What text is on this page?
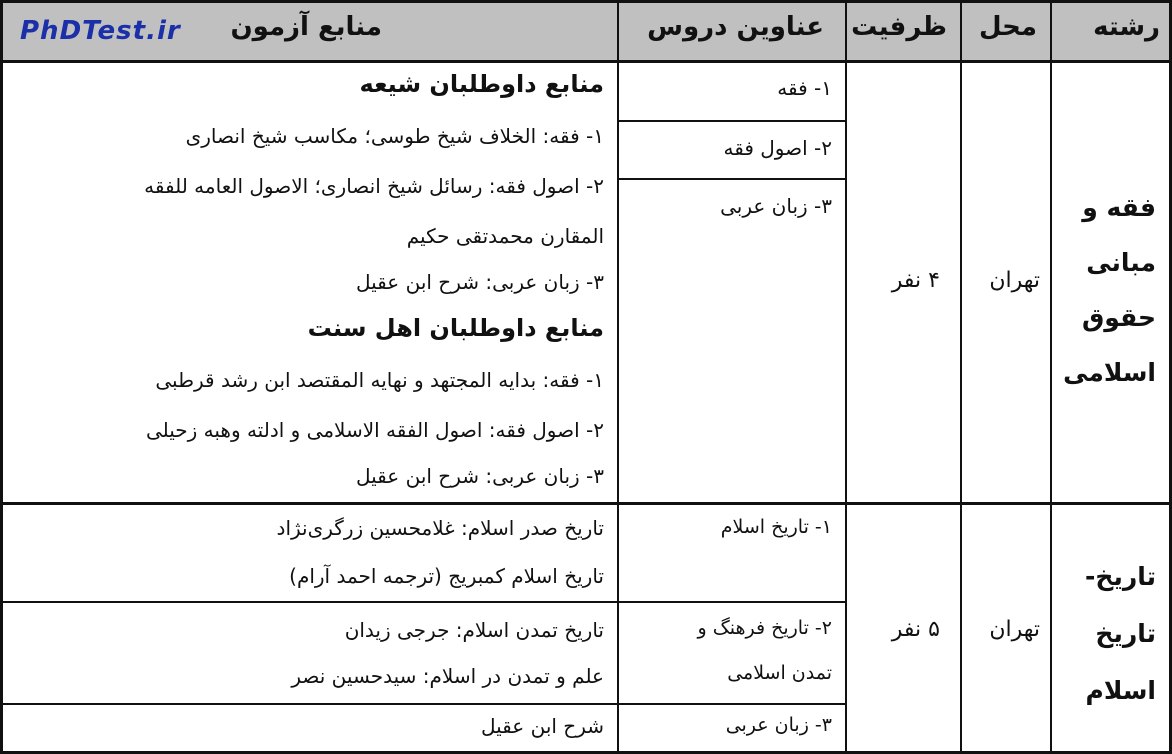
رشته
محل
ظرفیت
عناوین دروس
منابع آزمون
PhDTest.ir
فقه و
مبانی
حقوق
اسلامی
تهران
۴ نفر
۱- فقه
۲- اصول فقه
۳- زبان عربی
منابع داوطلبان شیعه
۱- فقه: الخلاف شیخ طوسی؛ مکاسب شیخ انصاری
۲- اصول فقه: رسائل شیخ انصاری؛ الاصول العامه للفقه
المقارن محمدتقی حکیم
۳- زبان عربی: شرح ابن عقیل
منابع داوطلبان اهل سنت
۱- فقه: بدایه المجتهد و نهایه المقتصد ابن رشد قرطبی
۲- اصول فقه: اصول الفقه الاسلامی و ادلته وهبه زحیلی
۳- زبان عربی: شرح ابن عقیل
تاریخ-
تاریخ
اسلام
تهران
۵ نفر
۱- تاریخ اسلام
۲- تاریخ فرهنگ و
تمدن اسلامی
۳- زبان عربی
تاریخ صدر اسلام: غلامحسین زرگری‌نژاد
تاریخ اسلام کمبریج (ترجمه احمد آرام)
تاریخ تمدن اسلام: جرجی زیدان
علم و تمدن در اسلام: سیدحسین نصر
شرح ابن عقیل
